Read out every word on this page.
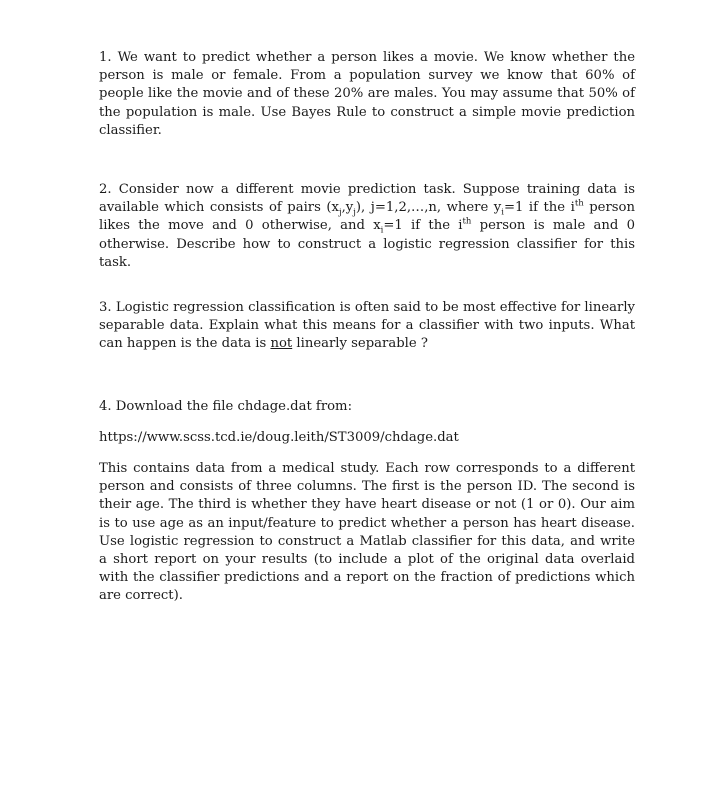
1. We want to predict whether a person likes a movie. We know whether the person is male or female. From a population survey we know that 60% of people like the movie and of these 20% are males. You may assume that 50% of the population is male. Use Bayes Rule to construct a simple movie prediction classifier.

2. Consider now a different movie prediction task. Suppose training data is available which consists of pairs $(x_j,y_j)$, j=1,2,…,n, where $y_i=1$ if the $i^{th}$ person likes the move and 0 otherwise, and $x_i=1$ if the $i^{th}$ person is male and 0 otherwise. Describe how to construct a logistic regression classifier for this task.

3. Logistic regression classification is often said to be most effective for linearly separable data. Explain what this means for a classifier with two inputs. What can happen is the data is not linearly separable ?

4. Download the file chdage.dat from:

https://www.scss.tcd.ie/doug.leith/ST3009/chdage.dat

This contains data from a medical study. Each row corresponds to a different person and consists of three columns. The first is the person ID. The second is their age. The third is whether they have heart disease or not (1 or 0). Our aim is to use age as an input/feature to predict whether a person has heart disease. Use logistic regression to construct a Matlab classifier for this data, and write a short report on your results (to include a plot of the original data overlaid with the classifier predictions and a report on the fraction of predictions which are correct).
